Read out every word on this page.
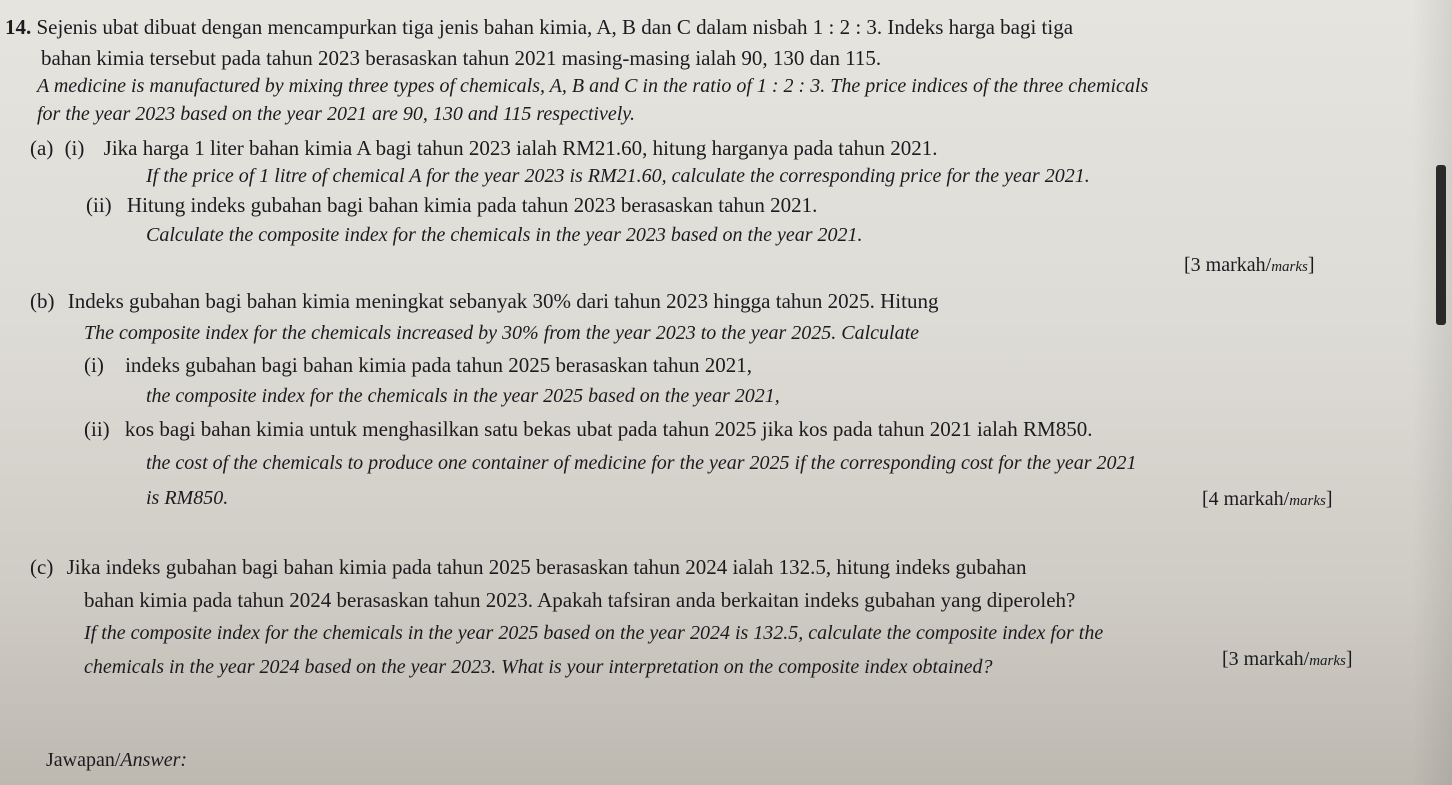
14. Sejenis ubat dibuat dengan mencampurkan tiga jenis bahan kimia, A, B dan C dalam nisbah 1 : 2 : 3. Indeks harga bagi tiga
bahan kimia tersebut pada tahun 2023 berasaskan tahun 2021 masing-masing ialah 90, 130 dan 115.
A medicine is manufactured by mixing three types of chemicals, A, B and C in the ratio of 1 : 2 : 3. The price indices of the three chemicals
for the year 2023 based on the year 2021 are 90, 130 and 115 respectively.
(a) (i) Jika harga 1 liter bahan kimia A bagi tahun 2023 ialah RM21.60, hitung harganya pada tahun 2021.
If the price of 1 litre of chemical A for the year 2023 is RM21.60, calculate the corresponding price for the year 2021.
(ii) Hitung indeks gubahan bagi bahan kimia pada tahun 2023 berasaskan tahun 2021.
Calculate the composite index for the chemicals in the year 2023 based on the year 2021.
[3 markah/marks]
(b) Indeks gubahan bagi bahan kimia meningkat sebanyak 30% dari tahun 2023 hingga tahun 2025. Hitung
The composite index for the chemicals increased by 30% from the year 2023 to the year 2025. Calculate
(i) indeks gubahan bagi bahan kimia pada tahun 2025 berasaskan tahun 2021,
the composite index for the chemicals in the year 2025 based on the year 2021,
(ii) kos bagi bahan kimia untuk menghasilkan satu bekas ubat pada tahun 2025 jika kos pada tahun 2021 ialah RM850.
the cost of the chemicals to produce one container of medicine for the year 2025 if the corresponding cost for the year 2021
is RM850.	[4 markah/marks]
(c) Jika indeks gubahan bagi bahan kimia pada tahun 2025 berasaskan tahun 2024 ialah 132.5, hitung indeks gubahan
bahan kimia pada tahun 2024 berasaskan tahun 2023. Apakah tafsiran anda berkaitan indeks gubahan yang diperoleh?
If the composite index for the chemicals in the year 2025 based on the year 2024 is 132.5, calculate the composite index for the
chemicals in the year 2024 based on the year 2023. What is your interpretation on the composite index obtained?	[3 markah/marks]
Jawapan/Answer:
